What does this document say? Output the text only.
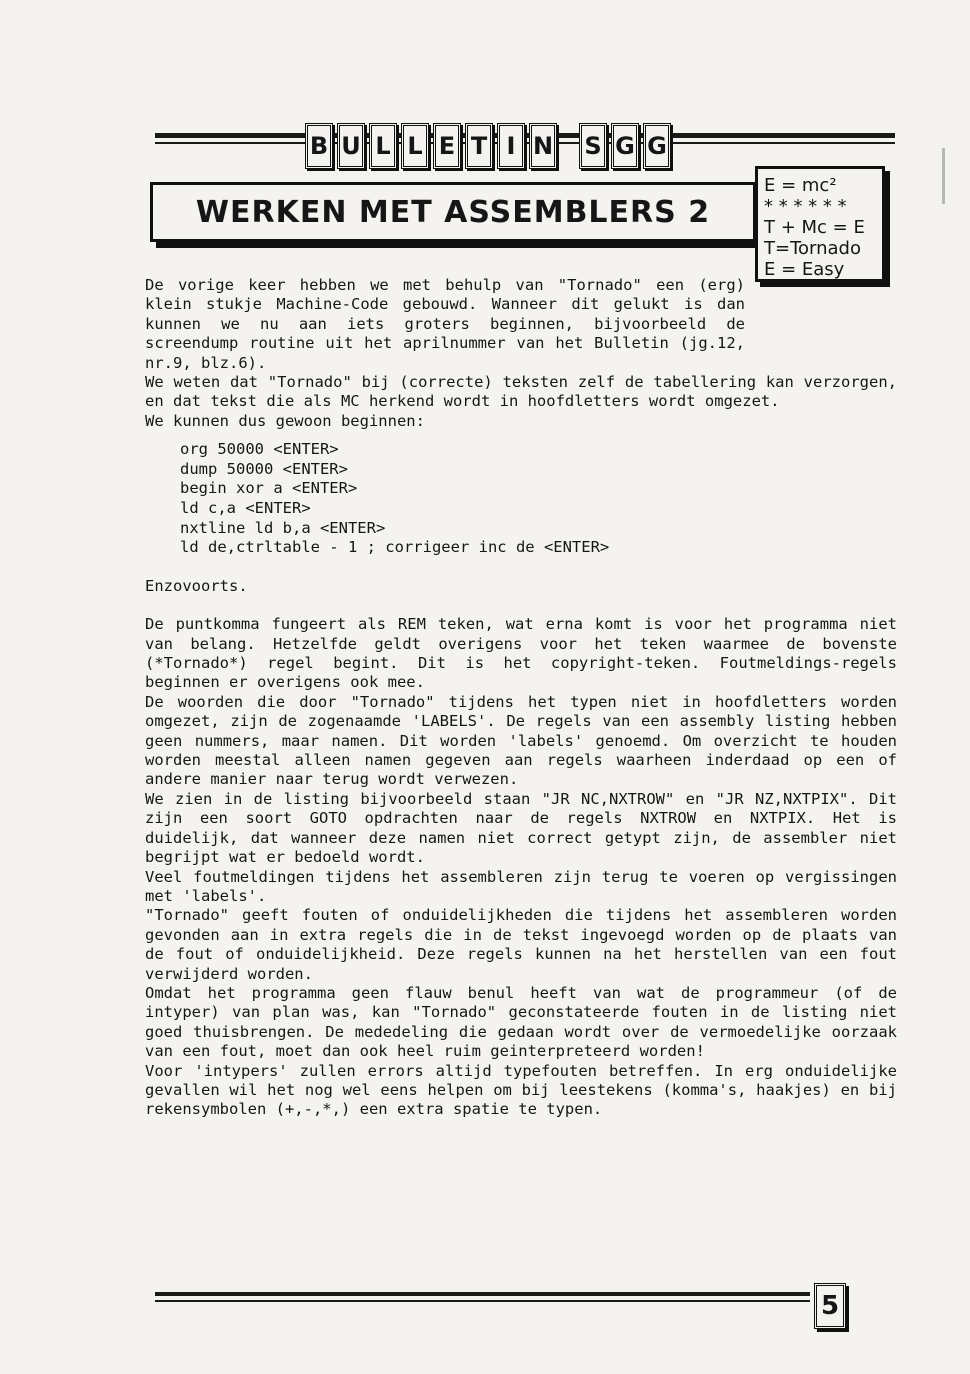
B U L L E T I N S G G
WERKEN MET ASSEMBLERS 2
E = mc²
* * * * * *
T + Mc = E
T=Tornado
E = Easy

De vorige keer hebben we met behulp van "Tornado" een (erg) klein stukje Machine-Code gebouwd. Wanneer dit gelukt is dan kunnen we nu aan iets groters beginnen, bijvoorbeeld de screendump routine uit het aprilnummer van het Bulletin (jg.12, nr.9, blz.6).

We weten dat "Tornado" bij (correcte) teksten zelf de tabellering kan verzorgen, en dat tekst die als MC herkend wordt in hoofdletters wordt omgezet.

We kunnen dus gewoon beginnen:

org 50000 <ENTER>
dump 50000 <ENTER>
begin xor a <ENTER>
ld c,a <ENTER>
nxtline ld b,a <ENTER>
ld de,ctrltable - 1 ; corrigeer inc de <ENTER>

Enzovoorts.

De puntkomma fungeert als REM teken, wat erna komt is voor het programma niet van belang. Hetzelfde geldt overigens voor het teken waarmee de bovenste (*Tornado*) regel begint. Dit is het copyright-teken. Foutmeldings-regels beginnen er overigens ook mee.

De woorden die door "Tornado" tijdens het typen niet in hoofdletters worden omgezet, zijn de zogenaamde 'LABELS'. De regels van een assembly listing hebben geen nummers, maar namen. Dit worden 'labels' genoemd. Om overzicht te houden worden meestal alleen namen gegeven aan regels waarheen inderdaad op een of andere manier naar terug wordt verwezen.

We zien in de listing bijvoorbeeld staan "JR NC,NXTROW" en "JR NZ,NXTPIX". Dit zijn een soort GOTO opdrachten naar de regels NXTROW en NXTPIX. Het is duidelijk, dat wanneer deze namen niet correct getypt zijn, de assembler niet begrijpt wat er bedoeld wordt.

Veel foutmeldingen tijdens het assembleren zijn terug te voeren op vergissingen met 'labels'.

"Tornado" geeft fouten of onduidelijkheden die tijdens het assembleren worden gevonden aan in extra regels die in de tekst ingevoegd worden op de plaats van de fout of onduidelijkheid. Deze regels kunnen na het herstellen van een fout verwijderd worden.

Omdat het programma geen flauw benul heeft van wat de programmeur (of de intyper) van plan was, kan "Tornado" geconstateerde fouten in de listing niet goed thuisbrengen. De mededeling die gedaan wordt over de vermoedelijke oorzaak van een fout, moet dan ook heel ruim geinterpreteerd worden!

Voor 'intypers' zullen errors altijd typefouten betreffen. In erg onduidelijke gevallen wil het nog wel eens helpen om bij leestekens (komma's, haakjes) en bij rekensymbolen (+,-,*,) een extra spatie te typen.

5
